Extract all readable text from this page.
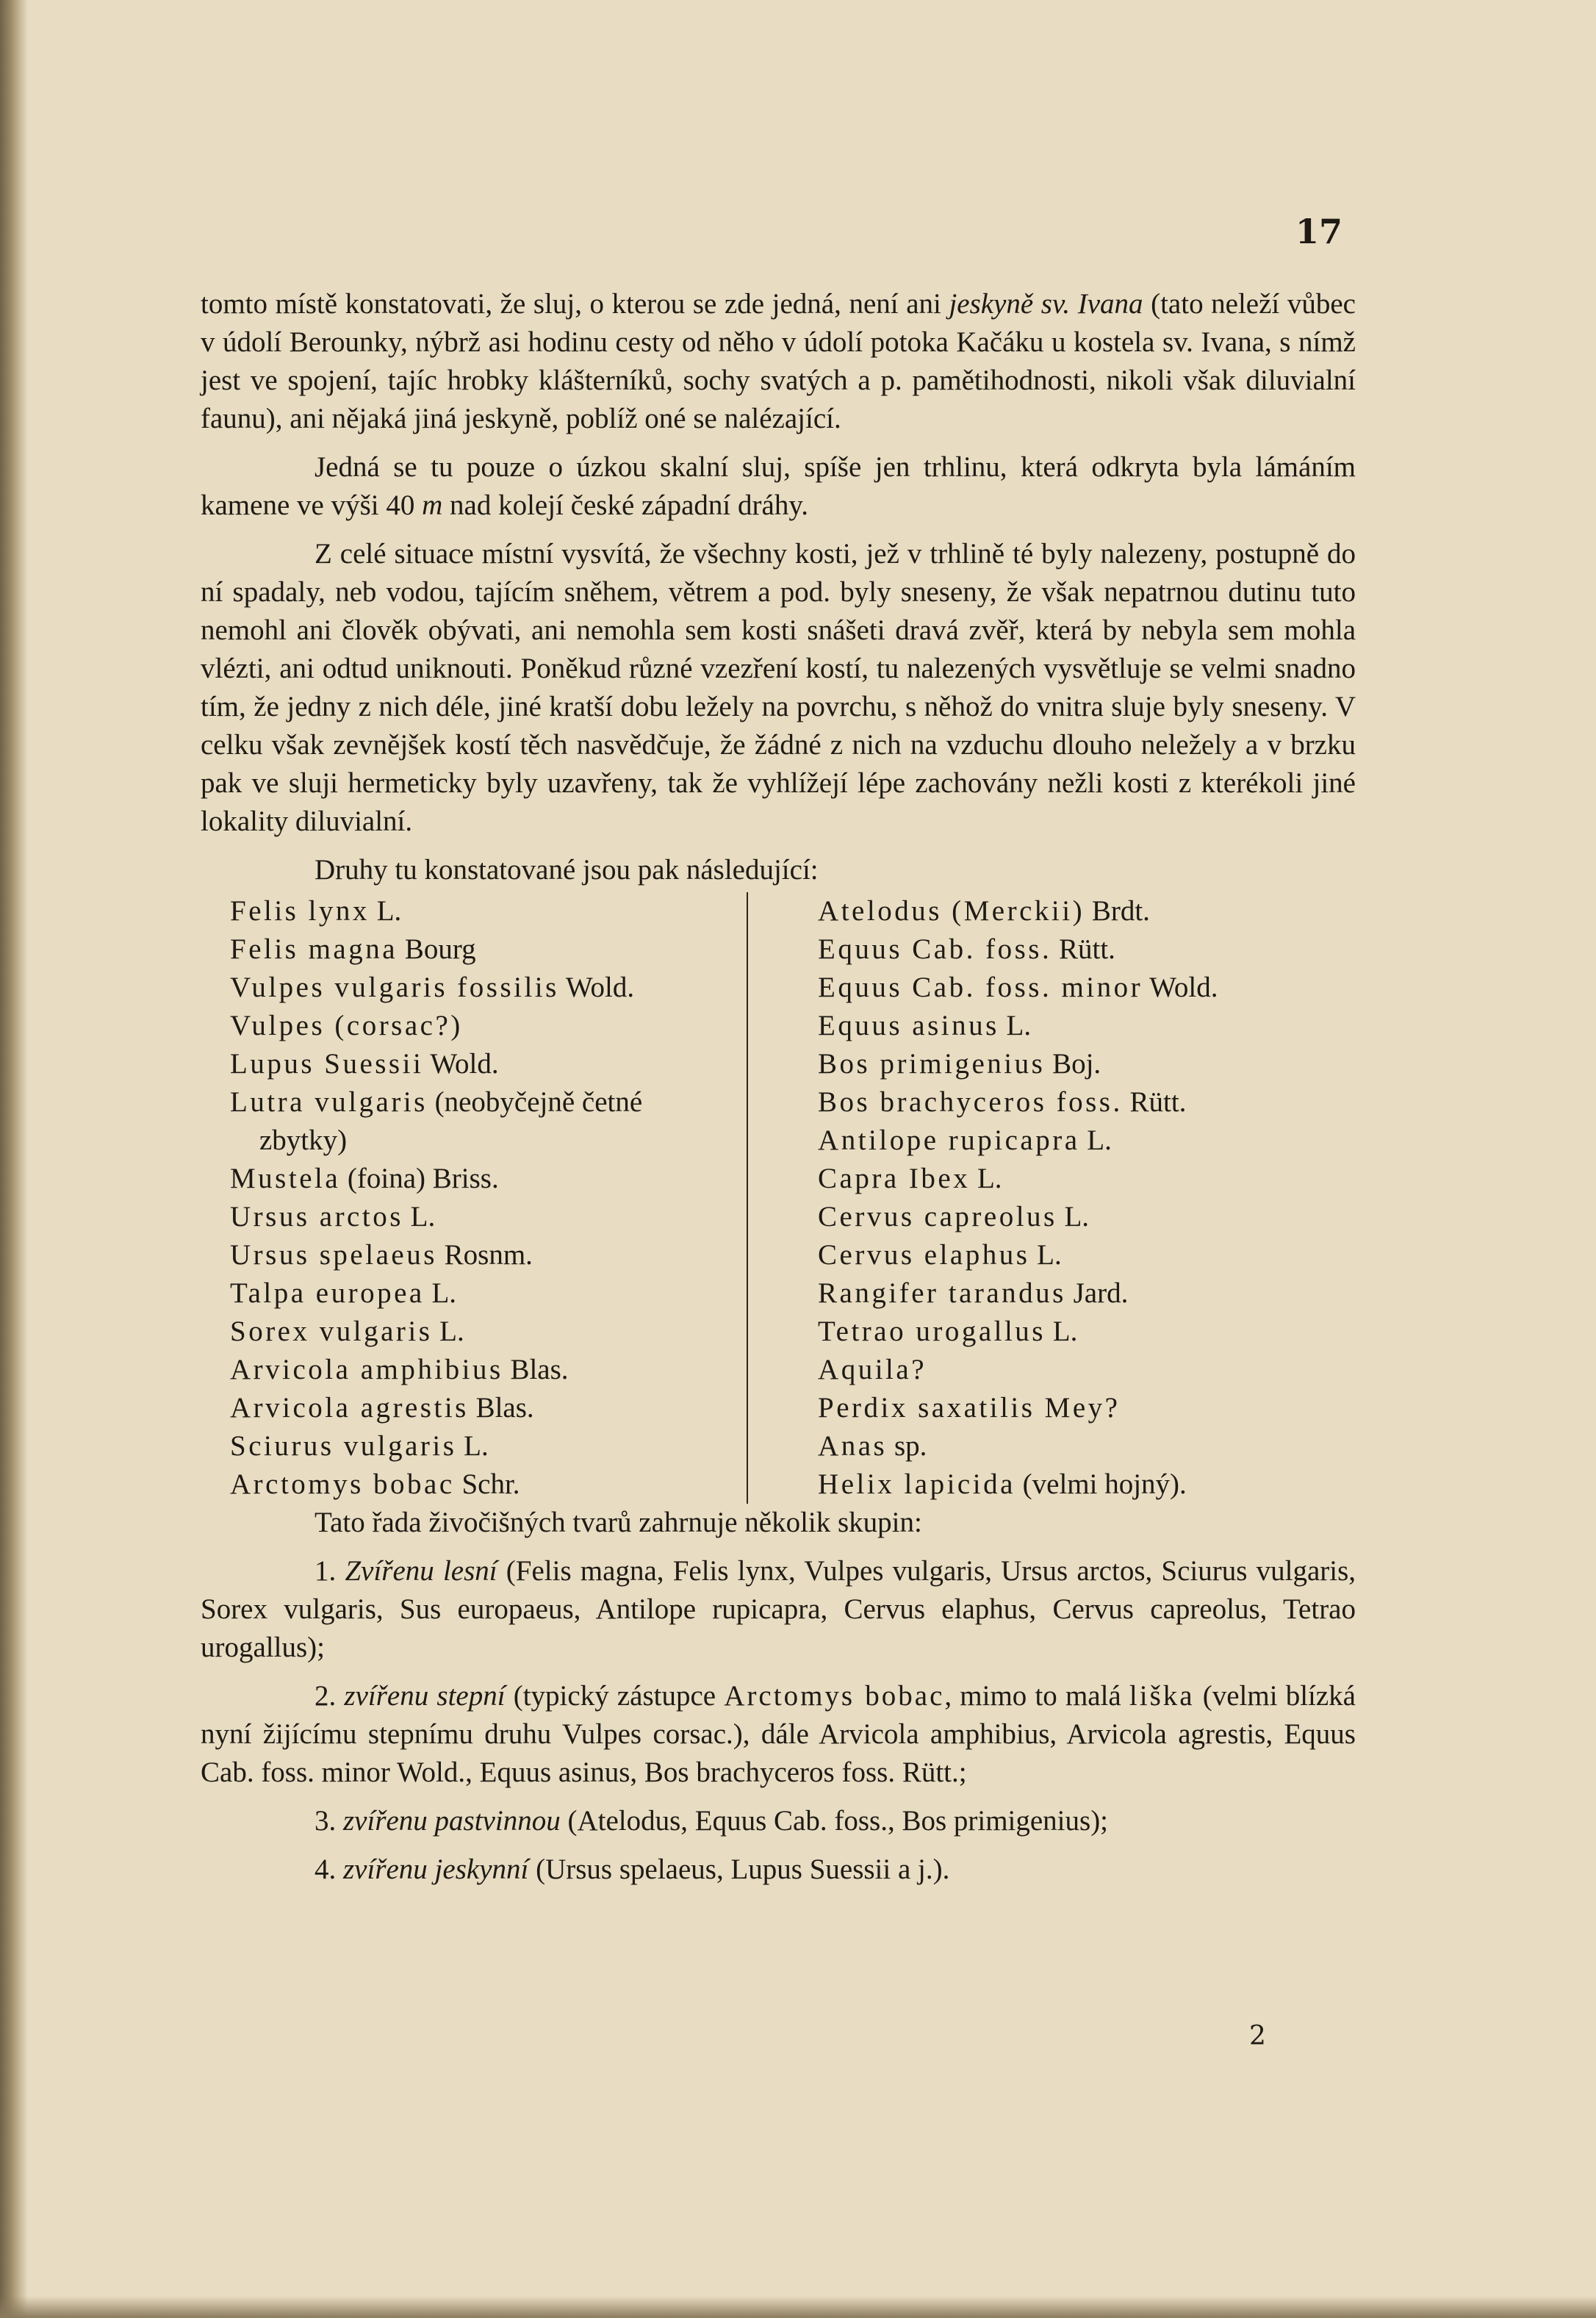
17

tomto místě konstatovati, že sluj, o kterou se zde jedná, není ani jeskyně sv. Ivana (tato neleží vůbec v údolí Berounky, nýbrž asi hodinu cesty od něho v údolí potoka Kačáku u kostela sv. Ivana, s nímž jest ve spojení, tajíc hrobky klášterníků, sochy svatých a p. pamětihodnosti, nikoli však diluvialní faunu), ani nějaká jiná jeskyně, poblíž oné se nalézající.

Jedná se tu pouze o úzkou skalní sluj, spíše jen trhlinu, která odkryta byla lámáním kamene ve výši 40 m nad kolejí české západní dráhy.

Z celé situace místní vysvítá, že všechny kosti, jež v trhlině té byly nalezeny, postupně do ní spadaly, neb vodou, tajícím sněhem, větrem a pod. byly sneseny, že však nepatrnou dutinu tuto nemohl ani člověk obývati, ani nemohla sem kosti snášeti dravá zvěř, která by nebyla sem mohla vlézti, ani odtud uniknouti. Poněkud různé vzezření kostí, tu nalezených vysvětluje se velmi snadno tím, že jedny z nich déle, jiné kratší dobu ležely na povrchu, s něhož do vnitra sluje byly sneseny. V celku však zevnějšek kostí těch nasvědčuje, že žádné z nich na vzduchu dlouho neležely a v brzku pak ve sluji hermeticky byly uzavřeny, tak že vyhlížejí lépe zachovány nežli kosti z kterékoli jiné lokality diluvialní.

Druhy tu konstatované jsou pak následující:

Felis lynx L.
Felis magna Bourg
Vulpes vulgaris fossilis Wold.
Vulpes (corsac?)
Lupus Suessii Wold.
Lutra vulgaris (neobyčejně četné
zbytky)
Mustela (foina) Briss.
Ursus arctos L.
Ursus spelaeus Rosnm.
Talpa europea L.
Sorex vulgaris L.
Arvicola amphibius Blas.
Arvicola agrestis Blas.
Sciurus vulgaris L.
Arctomys bobac Schr.
Atelodus (Merckii) Brdt.
Equus Cab. foss. Rütt.
Equus Cab. foss. minor Wold.
Equus asinus L.
Bos primigenius Boj.
Bos brachyceros foss. Rütt.
Antilope rupicapra L.
Capra Ibex L.
Cervus capreolus L.
Cervus elaphus L.
Rangifer tarandus Jard.
Tetrao urogallus L.
Aquila?
Perdix saxatilis Mey?
Anas sp.
Helix lapicida (velmi hojný).

Tato řada živočišných tvarů zahrnuje několik skupin:

1. Zvířenu lesní (Felis magna, Felis lynx, Vulpes vulgaris, Ursus arctos, Sciurus vulgaris, Sorex vulgaris, Sus europaeus, Antilope rupicapra, Cervus elaphus, Cervus capreolus, Tetrao urogallus);

2. zvířenu stepní (typický zástupce Arctomys bobac, mimo to malá liška (velmi blízká nyní žijícímu stepnímu druhu Vulpes corsac.), dále Arvicola amphibius, Arvicola agrestis, Equus Cab. foss. minor Wold., Equus asinus, Bos brachyceros foss. Rütt.;

3. zvířenu pastvinnou (Atelodus, Equus Cab. foss., Bos primigenius);

4. zvířenu jeskynní (Ursus spelaeus, Lupus Suessii a j.).

2
